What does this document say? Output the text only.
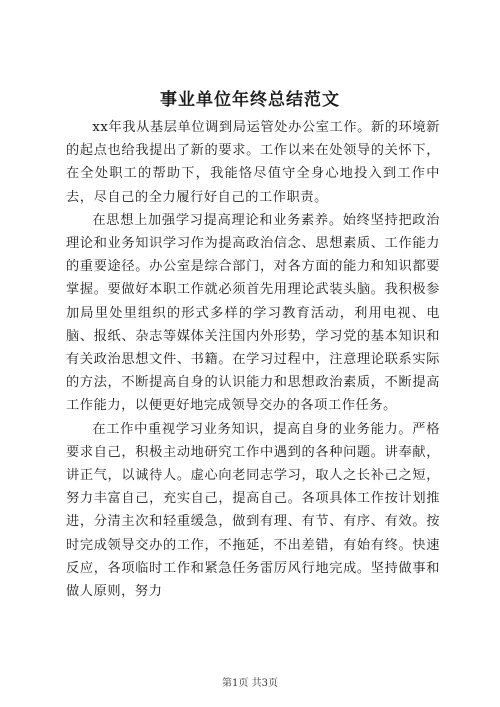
事业单位年终总结范文

xx年我从基层单位调到局运管处办公室工作。新的环境新的起点也给我提出了新的要求。工作以来在处领导的关怀下，在全处职工的帮助下，我能恪尽值守全身心地投入到工作中去，尽自己的全力履行好自己的工作职责。

在思想上加强学习提高理论和业务素养。始终坚持把政治理论和业务知识学习作为提高政治信念、思想素质、工作能力的重要途径。办公室是综合部门，对各方面的能力和知识都要掌握。要做好本职工作就必须首先用理论武装头脑。我积极参加局里处里组织的形式多样的学习教育活动，利用电视、电脑、报纸、杂志等媒体关注国内外形势，学习党的基本知识和有关政治思想文件、书籍。在学习过程中，注意理论联系实际的方法，不断提高自身的认识能力和思想政治素质，不断提高工作能力，以便更好地完成领导交办的各项工作任务。

在工作中重视学习业务知识，提高自身的业务能力。严格要求自己，积极主动地研究工作中遇到的各种问题。讲奉献，讲正气，以诚待人。虚心向老同志学习，取人之长补己之短，努力丰富自己，充实自己，提高自己。各项具体工作按计划推进，分清主次和轻重缓急，做到有理、有节、有序、有效。按时完成领导交办的工作，不拖延，不出差错，有始有终。快速反应，各项临时工作和紧急任务雷厉风行地完成。坚持做事和做人原则，努力

第1页 共3页
